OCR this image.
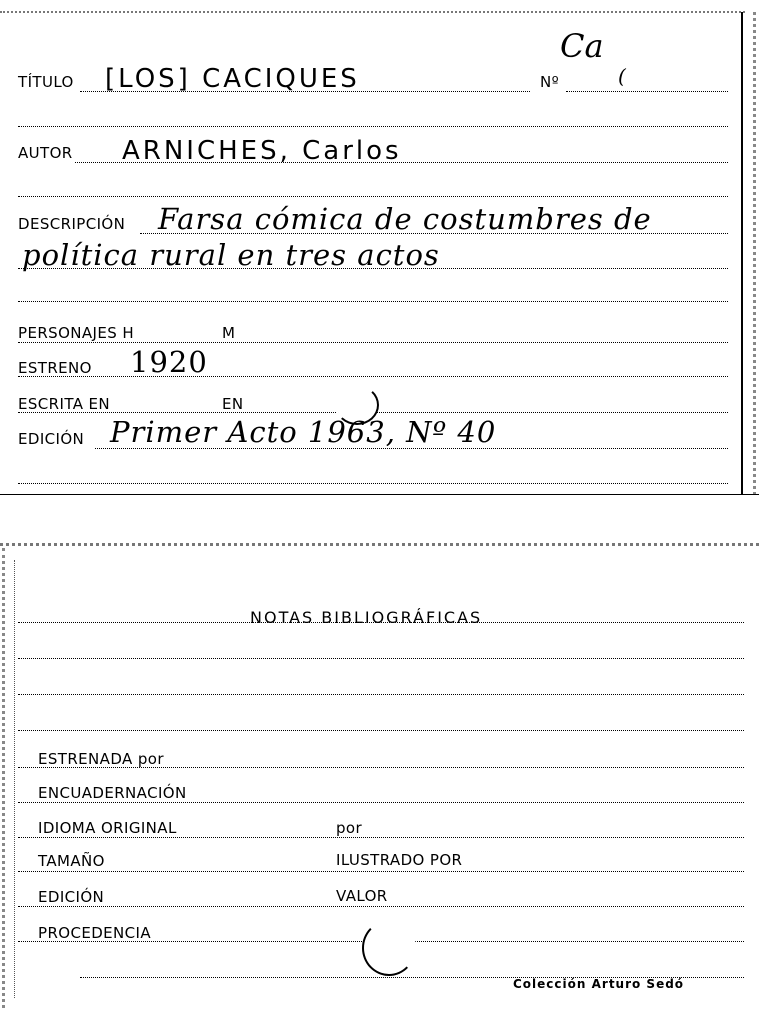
Ca
TÍTULO [LOS] CACIQUES	Nº	(
AUTOR ARNICHES, Carlos
DESCRIPCIÓN Farsa cómica de costumbres de
política rural en tres actos
PERSONAJES H	M
ESTRENO 1920
ESCRITA EN	EN
EDICIÓN Primer Acto 1963, Nº 40
NOTAS BIBLIOGRÁFICAS
ESTRENADA por
ENCUADERNACIÓN
IDIOMA ORIGINAL	por
TAMAÑO	ILUSTRADO POR
EDICIÓN	VALOR
PROCEDENCIA
Colección Arturo Sedó
